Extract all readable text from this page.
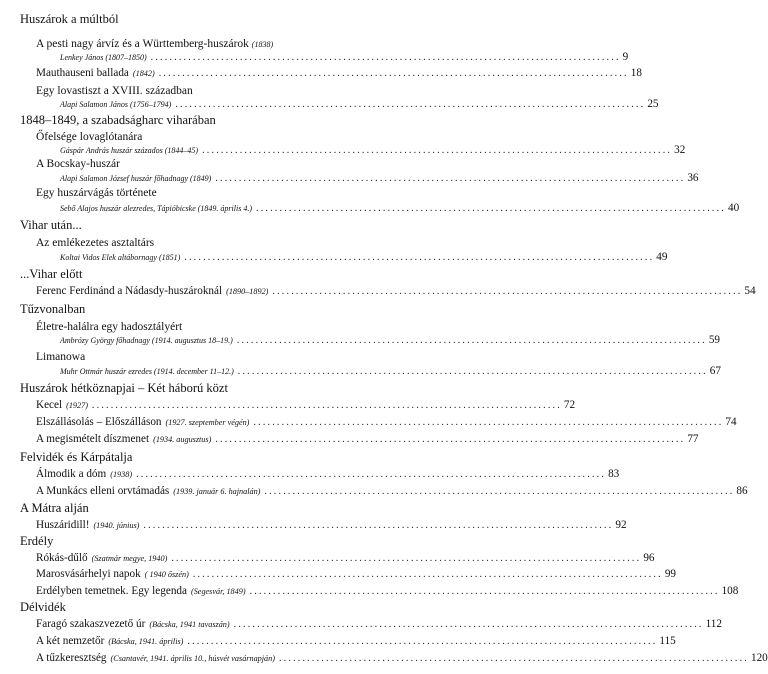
Huszárok a múltból
A pesti nagy árvíz és a Württemberg-huszárok (1838)
Lenkey János (1807–1850) .................................................................................................... 9
Mauthauseni ballada (1842) .................................................................................................... 18
Egy lovastiszt a XVIII. században
Alapi Salamon János (1756–1794) .................................................................................................... 25
1848–1849, a szabadságharc viharában
Őfelsége lovaglótanára
Gáspár András huszár százados (1844–45) .................................................................................................... 32
A Bocskay-huszár
Alapi Salamon József huszár főhadnagy (1849) .................................................................................................... 36
Egy huszárvágás története
Sebő Alajos huszár alezredes, Tápióbicske (1849. április 4.) .................................................................................................... 40
Vihar után...
Az emlékezetes asztaltárs
Koltai Vidos Elek altábornagy (1851) .................................................................................................... 49
...Vihar előtt
Ferenc Ferdinánd a Nádasdy-huszároknál (1890–1892) .................................................................................................... 54
Tűzvonalban
Életre-halálra egy hadosztályért
Ambrózy György főhadnagy (1914. augusztus 18–19.) .................................................................................................... 59
Limanowa
Muhr Ottmár huszár ezredes (1914. december 11–12.) .................................................................................................... 67
Huszárok hétköznapjai – Két háború közt
Kecel (1927) .................................................................................................... 72
Elszállásolás – Előszálláson (1927. szeptember végén) .................................................................................................... 74
A megismételt díszmenet (1934. augusztus) .................................................................................................... 77
Felvidék és Kárpátalja
Álmodik a dóm (1938) .................................................................................................... 83
A Munkács elleni orvtámadás (1939. január 6. hajnalán) .................................................................................................... 86
A Mátra alján
Huszáridill! (1940. június) .................................................................................................... 92
Erdély
Rókás-dűlő (Szatmár megye, 1940) .................................................................................................... 96
Marosvásárhelyi napok ( 1940 őszén) .................................................................................................... 99
Erdélyben temetnek. Egy legenda (Segesvár, 1849) .................................................................................................... 108
Délvidék
Faragó szakaszvezető úr (Bácska, 1941 tavaszán) .................................................................................................... 112
A két nemzetőr (Bácska, 1941. április) .................................................................................................... 115
A tűzkeresztség (Csantavér, 1941. április 10., húsvét vasárnapján) .................................................................................................... 120
